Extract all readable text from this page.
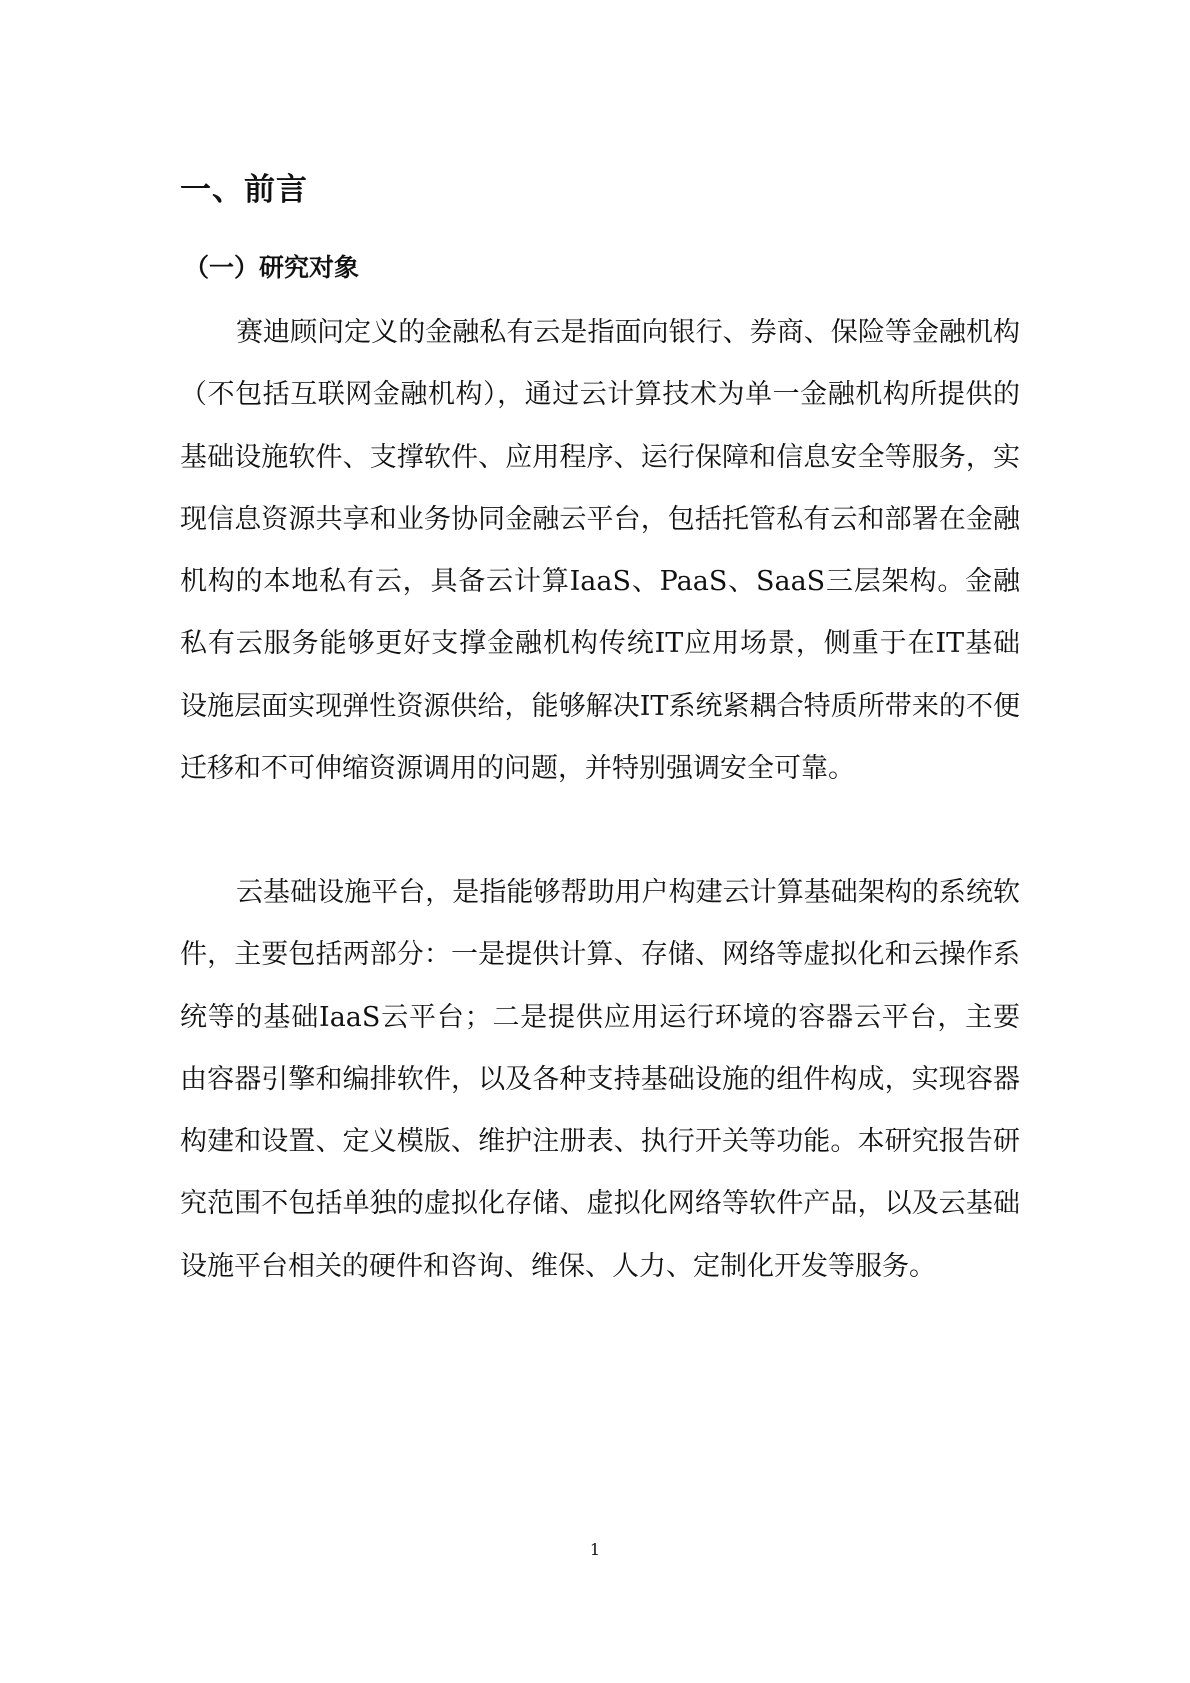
一、前言
（一）研究对象

赛迪顾问定义的金融私有云是指面向银行、券商、保险等金融机构（不包括互联网金融机构），通过云计算技术为单一金融机构所提供的基础设施软件、支撑软件、应用程序、运行保障和信息安全等服务，实现信息资源共享和业务协同金融云平台，包括托管私有云和部署在金融机构的本地私有云，具备云计算IaaS、PaaS、SaaS三层架构。金融私有云服务能够更好支撑金融机构传统IT应用场景，侧重于在IT基础设施层面实现弹性资源供给，能够解决IT系统紧耦合特质所带来的不便迁移和不可伸缩资源调用的问题，并特别强调安全可靠。

云基础设施平台，是指能够帮助用户构建云计算基础架构的系统软件，主要包括两部分：一是提供计算、存储、网络等虚拟化和云操作系统等的基础IaaS云平台；二是提供应用运行环境的容器云平台，主要由容器引擎和编排软件，以及各种支持基础设施的组件构成，实现容器构建和设置、定义模版、维护注册表、执行开关等功能。本研究报告研究范围不包括单独的虚拟化存储、虚拟化网络等软件产品，以及云基础设施平台相关的硬件和咨询、维保、人力、定制化开发等服务。

1
